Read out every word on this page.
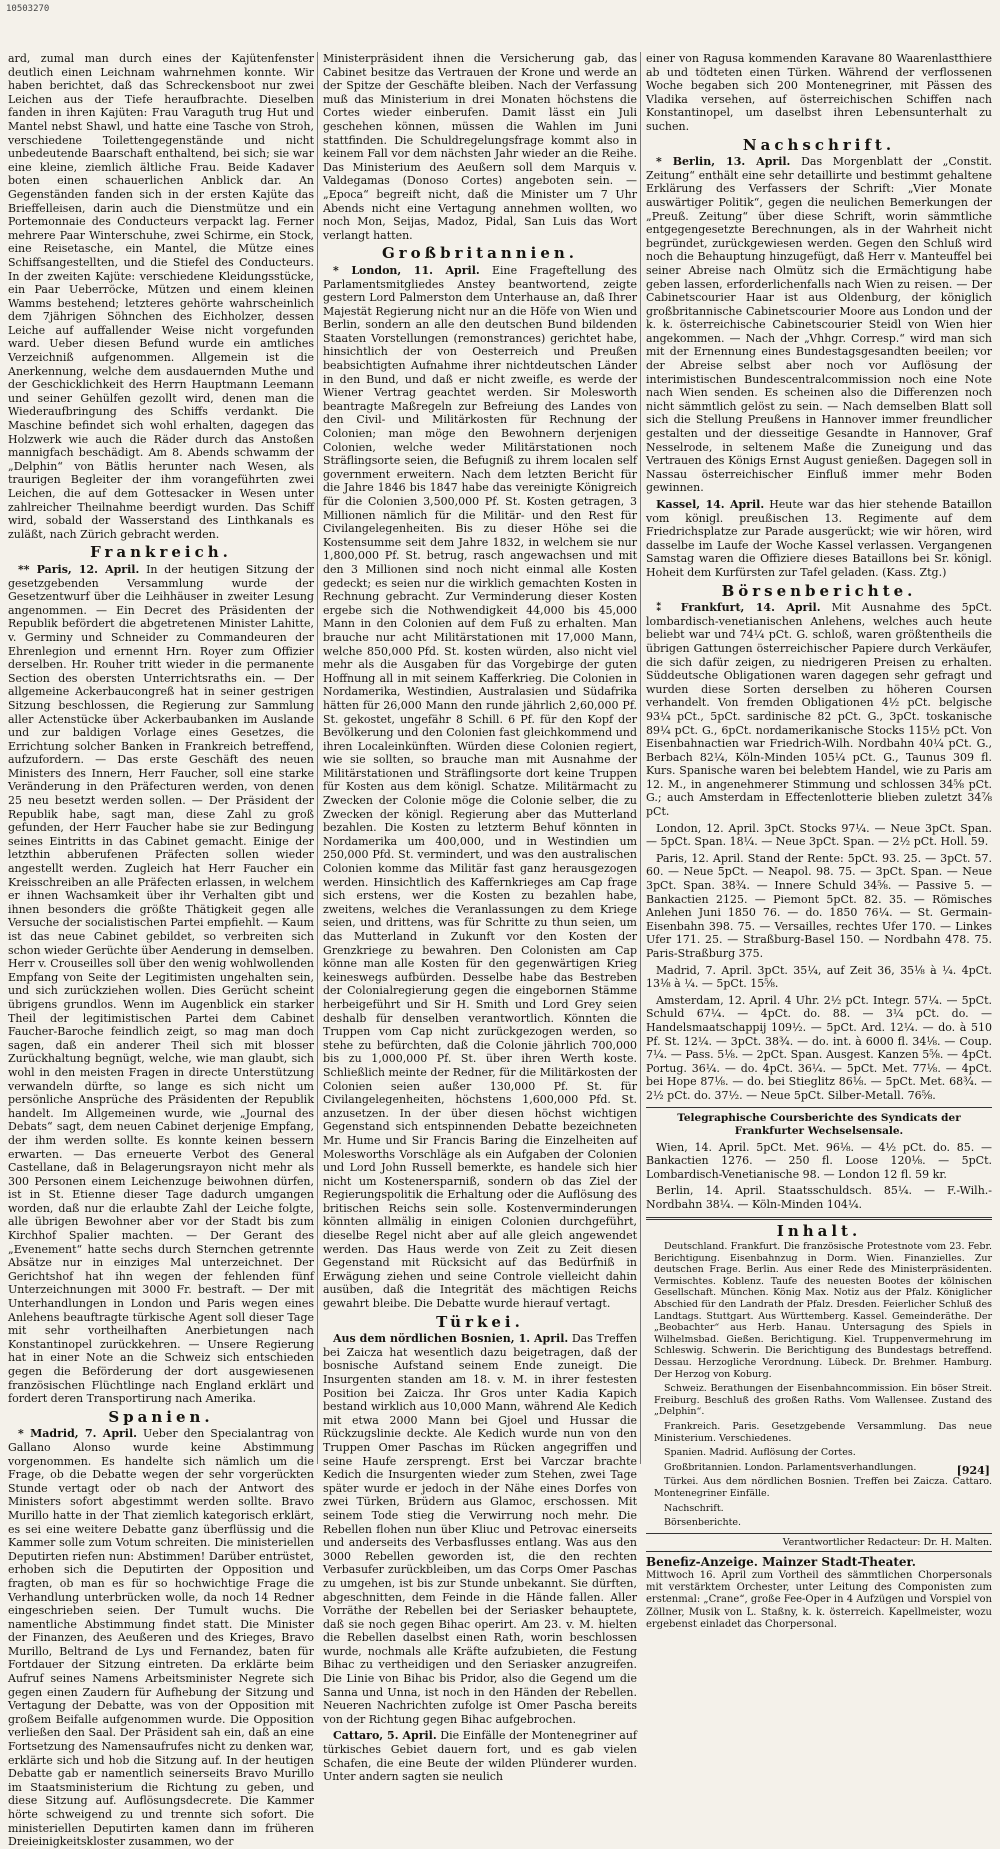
10503270

ard, zumal man durch eines der Kajütenfenster deutlich einen Leichnam wahrnehmen konnte. Wir haben berichtet, daß das Schreckensboot nur zwei Leichen aus der Tiefe heraufbrachte. Dieselben fanden in ihren Kajüten: Frau Varaguth trug Hut und Mantel nebst Shawl, und hatte eine Tasche von Stroh, verschiedene Toilettengegenstände und nicht unbedeutende Baarschaft enthaltend, bei sich; sie war eine kleine, ziemlich ältliche Frau. Beide Kadaver boten einen schauerlichen Anblick dar. An Gegenständen fanden sich in der ersten Kajüte das Brieffelleisen, darin auch die Dienstmütze und ein Portemonnaie des Conducteurs verpackt lag. Ferner mehrere Paar Winterschuhe, zwei Schirme, ein Stock, eine Reisetasche, ein Mantel, die Mütze eines Schiffsangestellten, und die Stiefel des Conducteurs. In der zweiten Kajüte: verschiedene Kleidungsstücke, ein Paar Ueberröcke, Mützen und einem kleinen Wamms bestehend; letzteres gehörte wahrscheinlich dem 7jährigen Söhnchen des Eichholzer, dessen Leiche auf auffallender Weise nicht vorgefunden ward. Ueber diesen Befund wurde ein amtliches Verzeichniß aufgenommen. Allgemein ist die Anerkennung, welche dem ausdauernden Muthe und der Geschicklichkeit des Herrn Hauptmann Leemann und seiner Gehülfen gezollt wird, denen man die Wiederaufbringung des Schiffs verdankt. Die Maschine befindet sich wohl erhalten, dagegen das Holzwerk wie auch die Räder durch das Anstoßen mannigfach beschädigt. Am 8. Abends schwamm der „Delphin“ von Bätlis herunter nach Wesen, als traurigen Begleiter der ihm vorangeführten zwei Leichen, die auf dem Gottesacker in Wesen unter zahlreicher Theilnahme beerdigt wurden. Das Schiff wird, sobald der Wasserstand des Linthkanals es zuläßt, nach Zürich gebracht werden.

Frankreich.

** Paris, 12. April. In der heutigen Sitzung der gesetzgebenden Versammlung wurde der Gesetzentwurf über die Leihhäuser in zweiter Lesung angenommen. — Ein Decret des Präsidenten der Republik befördert die abgetretenen Minister Lahitte, v. Germiny und Schneider zu Commandeuren der Ehrenlegion und ernennt Hrn. Royer zum Offizier derselben. Hr. Rouher tritt wieder in die permanente Section des obersten Unterrichtsraths ein. — Der allgemeine Ackerbaucongreß hat in seiner gestrigen Sitzung beschlossen, die Regierung zur Sammlung aller Actenstücke über Ackerbaubanken im Auslande und zur baldigen Vorlage eines Gesetzes, die Errichtung solcher Banken in Frankreich betreffend, aufzufordern. — Das erste Geschäft des neuen Ministers des Innern, Herr Faucher, soll eine starke Veränderung in den Präfecturen werden, von denen 25 neu besetzt werden sollen. — Der Präsident der Republik habe, sagt man, diese Zahl zu groß gefunden, der Herr Faucher habe sie zur Bedingung seines Eintritts in das Cabinet gemacht. Einige der letzthin abberufenen Präfecten sollen wieder angestellt werden. Zugleich hat Herr Faucher ein Kreisschreiben an alle Präfecten erlassen, in welchem er ihnen Wachsamkeit über ihr Verhalten gibt und ihnen besonders die größte Thätigkeit gegen alle Versuche der socialistischen Partei empfiehlt. — Kaum ist das neue Cabinet gebildet, so verbreiten sich schon wieder Gerüchte über Aenderung in demselben. Herr v. Crouseilles soll über den wenig wohlwollenden Empfang von Seite der Legitimisten ungehalten sein, und sich zurückziehen wollen. Dies Gerücht scheint übrigens grundlos. Wenn im Augenblick ein starker Theil der legitimistischen Partei dem Cabinet Faucher-Baroche feindlich zeigt, so mag man doch sagen, daß ein anderer Theil sich mit blosser Zurückhaltung begnügt, welche, wie man glaubt, sich wohl in den meisten Fragen in directe Unterstützung verwandeln dürfte, so lange es sich nicht um persönliche Ansprüche des Präsidenten der Republik handelt. Im Allgemeinen wurde, wie „Journal des Debats“ sagt, dem neuen Cabinet derjenige Empfang, der ihm werden sollte. Es konnte keinen bessern erwarten. — Das erneuerte Verbot des General Castellane, daß in Belagerungsrayon nicht mehr als 300 Personen einem Leichenzuge beiwohnen dürfen, ist in St. Etienne dieser Tage dadurch umgangen worden, daß nur die erlaubte Zahl der Leiche folgte, alle übrigen Bewohner aber vor der Stadt bis zum Kirchhof Spalier machten. — Der Gerant des „Evenement“ hatte sechs durch Sternchen getrennte Absätze nur in einziges Mal unterzeichnet. Der Gerichtshof hat ihn wegen der fehlenden fünf Unterzeichnungen mit 3000 Fr. bestraft. — Der mit Unterhandlungen in London und Paris wegen eines Anlehens beauftragte türkische Agent soll dieser Tage mit sehr vortheilhaften Anerbietungen nach Konstantinopel zurückkehren. — Unsere Regierung hat in einer Note an die Schweiz sich entschieden gegen die Beförderung der dort ausgewiesenen französischen Flüchtlinge nach England erklärt und fordert deren Transportirung nach Amerika.

Spanien.

* Madrid, 7. April. Ueber den Specialantrag von Gallano Alonso wurde keine Abstimmung vorgenommen. Es handelte sich nämlich um die Frage, ob die Debatte wegen der sehr vorgerückten Stunde vertagt oder ob nach der Antwort des Ministers sofort abgestimmt werden sollte. Bravo Murillo hatte in der That ziemlich kategorisch erklärt, es sei eine weitere Debatte ganz überflüssig und die Kammer solle zum Votum schreiten. Die ministeriellen Deputirten riefen nun: Abstimmen! Darüber entrüstet, erhoben sich die Deputirten der Opposition und fragten, ob man es für so hochwichtige Frage die Verhandlung unterbrücken wolle, da noch 14 Redner eingeschrieben seien. Der Tumult wuchs. Die namentliche Abstimmung findet statt. Die Minister der Finanzen, des Aeußeren und des Krieges, Bravo Murillo, Beltrand de Lys und Fernandez, baten für Fortdauer der Sitzung eintreten. Da erklärte beim Aufruf seines Namens Arbeitsminister Negrete sich gegen einen Zaudern für Aufhebung der Sitzung und Vertagung der Debatte, was von der Opposition mit großem Beifalle aufgenommen wurde. Die Opposition verließen den Saal. Der Präsident sah ein, daß an eine Fortsetzung des Namensaufrufes nicht zu denken war, erklärte sich und hob die Sitzung auf. In der heutigen Debatte gab er namentlich seinerseits Bravo Murillo im Staatsministerium die Richtung zu geben, und diese Sitzung auf. Auflösungsdecrete. Die Kammer hörte schweigend zu und trennte sich sofort. Die ministeriellen Deputirten kamen dann im früheren Dreieinigkeitskloster zusammen, wo der

Ministerpräsident ihnen die Versicherung gab, das Cabinet besitze das Vertrauen der Krone und werde an der Spitze der Geschäfte bleiben. Nach der Verfassung muß das Ministerium in drei Monaten höchstens die Cortes wieder einberufen. Damit lässt ein Juli geschehen können, müssen die Wahlen im Juni stattfinden. Die Schuldregelungsfrage kommt also in keinem Fall vor dem nächsten Jahr wieder an die Reihe. Das Ministerium des Aeußern soll dem Marquis v. Valdegamas (Donoso Cortes) angeboten sein. — „Epoca“ begreift nicht, daß die Minister um 7 Uhr Abends nicht eine Vertagung annehmen wollten, wo noch Mon, Seijas, Madoz, Pidal, San Luis das Wort verlangt hatten.

Großbritannien.

* London, 11. April. Eine Frageftellung des Parlamentsmitgliedes Anstey beantwortend, zeigte gestern Lord Palmerston dem Unterhause an, daß Ihrer Majestät Regierung nicht nur an die Höfe von Wien und Berlin, sondern an alle den deutschen Bund bildenden Staaten Vorstellungen (remonstrances) gerichtet habe, hinsichtlich der von Oesterreich und Preußen beabsichtigten Aufnahme ihrer nichtdeutschen Länder in den Bund, und daß er nicht zweifle, es werde der Wiener Vertrag geachtet werden. Sir Molesworth beantragte Maßregeln zur Befreiung des Landes von den Civil- und Militärkosten für Rechnung der Colonien; man möge den Bewohnern derjenigen Colonien, welche weder Militärstationen noch Sträflingsorte seien, die Befugniß zu ihrem localen self government erweitern. Nach dem letzten Bericht für die Jahre 1846 bis 1847 habe das vereinigte Königreich für die Colonien 3,500,000 Pf. St. Kosten getragen, 3 Millionen nämlich für die Militär- und den Rest für Civilangelegenheiten. Bis zu dieser Höhe sei die Kostensumme seit dem Jahre 1832, in welchem sie nur 1,800,000 Pf. St. betrug, rasch angewachsen und mit den 3 Millionen sind noch nicht einmal alle Kosten gedeckt; es seien nur die wirklich gemachten Kosten in Rechnung gebracht. Zur Verminderung dieser Kosten ergebe sich die Nothwendigkeit 44,000 bis 45,000 Mann in den Colonien auf dem Fuß zu erhalten. Man brauche nur acht Militärstationen mit 17,000 Mann, welche 850,000 Pfd. St. kosten würden, also nicht viel mehr als die Ausgaben für das Vorgebirge der guten Hoffnung all in mit seinem Kafferkrieg. Die Colonien in Nordamerika, Westindien, Australasien und Südafrika hätten für 26,000 Mann den runde jährlich 2,60,000 Pf. St. gekostet, ungefähr 8 Schill. 6 Pf. für den Kopf der Bevölkerung und den Colonien fast gleichkommend und ihren Localeinkünften. Würden diese Colonien regiert, wie sie sollten, so brauche man mit Ausnahme der Militärstationen und Sträflingsorte dort keine Truppen für Kosten aus dem königl. Schatze. Militärmacht zu Zwecken der Colonie möge die Colonie selber, die zu Zwecken der königl. Regierung aber das Mutterland bezahlen. Die Kosten zu letzterm Behuf könnten in Nordamerika um 400,000, und in Westindien um 250,000 Pfd. St. vermindert, und was den australischen Colonien komme das Militär fast ganz herausgezogen werden. Hinsichtlich des Kaffernkrieges am Cap frage sich erstens, wer die Kosten zu bezahlen habe, zweitens, welches die Veranlassungen zu dem Kriege seien, und drittens, was für Schritte zu thun seien, um das Mutterland in Zukunft vor den Kosten der Grenzkriege zu bewahren. Den Colonisten am Cap könne man alle Kosten für den gegenwärtigen Krieg keineswegs aufbürden. Desselbe habe das Bestreben der Colonialregierung gegen die eingebornen Stämme herbeigeführt und Sir H. Smith und Lord Grey seien deshalb für denselben verantwortlich. Könnten die Truppen vom Cap nicht zurückgezogen werden, so stehe zu befürchten, daß die Colonie jährlich 700,000 bis zu 1,000,000 Pf. St. über ihren Werth koste. Schließlich meinte der Redner, für die Militärkosten der Colonien seien außer 130,000 Pf. St. für Civilangelegenheiten, höchstens 1,600,000 Pfd. St. anzusetzen. In der über diesen höchst wichtigen Gegenstand sich entspinnenden Debatte bezeichneten Mr. Hume und Sir Francis Baring die Einzelheiten auf Molesworths Vorschläge als ein Aufgaben der Colonien und Lord John Russell bemerkte, es handele sich hier nicht um Kostenersparniß, sondern ob das Ziel der Regierungspolitik die Erhaltung oder die Auflösung des britischen Reichs sein solle. Kostenverminderungen könnten allmälig in einigen Colonien durchgeführt, dieselbe Regel nicht aber auf alle gleich angewendet werden. Das Haus werde von Zeit zu Zeit diesen Gegenstand mit Rücksicht auf das Bedürfniß in Erwägung ziehen und seine Controle vielleicht dahin ausüben, daß die Integrität des mächtigen Reichs gewahrt bleibe. Die Debatte wurde hierauf vertagt.

Türkei.

Aus dem nördlichen Bosnien, 1. April. Das Treffen bei Zaicza hat wesentlich dazu beigetragen, daß der bosnische Aufstand seinem Ende zuneigt. Die Insurgenten standen am 18. v. M. in ihrer festesten Position bei Zaicza. Ihr Gros unter Kadia Kapich bestand wirklich aus 10,000 Mann, während Ale Kedich mit etwa 2000 Mann bei Gjoel und Hussar die Rückzugslinie deckte. Ale Kedich wurde nun von den Truppen Omer Paschas im Rücken angegriffen und seine Haufe zersprengt. Erst bei Varczar brachte Kedich die Insurgenten wieder zum Stehen, zwei Tage später wurde er jedoch in der Nähe eines Dorfes von zwei Türken, Brüdern aus Glamoc, erschossen. Mit seinem Tode stieg die Verwirrung noch mehr. Die Rebellen flohen nun über Kliuc und Petrovac einerseits und anderseits des Verbasflusses entlang. Was aus den 3000 Rebellen geworden ist, die den rechten Verbasufer zurückbleiben, um das Corps Omer Paschas zu umgehen, ist bis zur Stunde unbekannt. Sie dürften, abgeschnitten, dem Feinde in die Hände fallen. Aller Vorräthe der Rebellen bei der Seriasker behauptete, daß sie noch gegen Bihac operirt. Am 23. v. M. hielten die Rebellen daselbst einen Rath, worin beschlossen wurde, nochmals alle Kräfte aufzubieten, die Festung Bihac zu vertheidigen und den Seriasker anzugreifen. Die Linie von Bihac bis Pridor, also die Gegend um die Sanna und Unna, ist noch in den Händen der Rebellen. Neueren Nachrichten zufolge ist Omer Pascha bereits von der Richtung gegen Bihac aufgebrochen.

Cattaro, 5. April. Die Einfälle der Montenegriner auf türkisches Gebiet dauern fort, und es gab vielen Schafen, die eine Beute der wilden Plünderer wurden. Unter andern sagten sie neulich

einer von Ragusa kommenden Karavane 80 Waarenlastthiere ab und tödteten einen Türken. Während der verflossenen Woche begaben sich 200 Montenegriner, mit Pässen des Vladika versehen, auf österreichischen Schiffen nach Konstantinopel, um daselbst ihren Lebensunterhalt zu suchen.

Nachschrift.

* Berlin, 13. April. Das Morgenblatt der „Constit. Zeitung“ enthält eine sehr detaillirte und bestimmt gehaltene Erklärung des Verfassers der Schrift: „Vier Monate auswärtiger Politik“, gegen die neulichen Bemerkungen der „Preuß. Zeitung“ über diese Schrift, worin sämmtliche entgegengesetzte Berechnungen, als in der Wahrheit nicht begründet, zurückgewiesen werden. Gegen den Schluß wird noch die Behauptung hinzugefügt, daß Herr v. Manteuffel bei seiner Abreise nach Olmütz sich die Ermächtigung habe geben lassen, erforderlichenfalls nach Wien zu reisen. — Der Cabinetscourier Haar ist aus Oldenburg, der königlich großbritannische Cabinetscourier Moore aus London und der k. k. österreichische Cabinetscourier Steidl von Wien hier angekommen. — Nach der „Vhhgr. Corresp.“ wird man sich mit der Ernennung eines Bundestagsgesandten beeilen; vor der Abreise selbst aber noch vor Auflösung der interimistischen Bundescentralcommission noch eine Note nach Wien senden. Es scheinen also die Differenzen noch nicht sämmtlich gelöst zu sein. — Nach demselben Blatt soll sich die Stellung Preußens in Hannover immer freundlicher gestalten und der diesseitige Gesandte in Hannover, Graf Nesselrode, in seltenem Maße die Zuneigung und das Vertrauen des Königs Ernst August genießen. Dagegen soll in Nassau österreichischer Einfluß immer mehr Boden gewinnen.

Kassel, 14. April. Heute war das hier stehende Bataillon vom königl. preußischen 13. Regimente auf dem Friedrichsplatze zur Parade ausgerückt; wie wir hören, wird dasselbe im Laufe der Woche Kassel verlassen. Vergangenen Samstag waren die Offiziere dieses Bataillons bei Sr. königl. Hoheit dem Kurfürsten zur Tafel geladen. (Kass. Ztg.)

Börsenberichte.

⁑ Frankfurt, 14. April. Mit Ausnahme des 5pCt. lombardisch-venetianischen Anlehens, welches auch heute beliebt war und 74¼ pCt. G. schloß, waren größtentheils die übrigen Gattungen österreichischer Papiere durch Verkäufer, die sich dafür zeigen, zu niedrigeren Preisen zu erhalten. Süddeutsche Obligationen waren dagegen sehr gefragt und wurden diese Sorten derselben zu höheren Coursen verhandelt. Von fremden Obligationen 4½ pCt. belgische 93¼ pCt., 5pCt. sardinische 82 pCt. G., 3pCt. toskanische 89¼ pCt. G., 6pCt. nordamerikanische Stocks 115½ pCt. Von Eisenbahnactien war Friedrich-Wilh. Nordbahn 40¼ pCt. G., Berbach 82¼, Köln-Minden 105¼ pCt. G., Taunus 309 fl. Kurs. Spanische waren bei belebtem Handel, wie zu Paris am 12. M., in angenehmerer Stimmung und schlossen 34⅝ pCt. G.; auch Amsterdam in Effectenlotterie blieben zuletzt 34⅞ pCt.

London, 12. April. 3pCt. Stocks 97¼. — Neue 3pCt. Span. — 5pCt. Span. 18¼. — Neue 3pCt. Span. — 2½ pCt. Holl. 59.

Paris, 12. April. Stand der Rente: 5pCt. 93. 25. — 3pCt. 57. 60. — Neue 5pCt. — Neapol. 98. 75. — 3pCt. Span. — Neue 3pCt. Span. 38¾. — Innere Schuld 34⅝. — Passive 5. — Bankactien 2125. — Piemont 5pCt. 82. 35. — Römisches Anlehen Juni 1850 76. — do. 1850 76¼. — St. Germain-Eisenbahn 398. 75. — Versailles, rechtes Ufer 170. — Linkes Ufer 171. 25. — Straßburg-Basel 150. — Nordbahn 478. 75. Paris-Straßburg 375.

Madrid, 7. April. 3pCt. 35¼, auf Zeit 36, 35⅛ à ¼. 4pCt. 13⅛ à ¼. — 5pCt. 15⅝.

Amsterdam, 12. April. 4 Uhr. 2½ pCt. Integr. 57¼. — 5pCt. Schuld 67¼. — 4pCt. do. 88. — 3¼ pCt. do. — Handelsmaatschappij 109½. — 5pCt. Ard. 12¼. — do. à 510 Pf. St. 12¼. — 3pCt. 38¾. — do. int. à 6000 fl. 34⅛. — Coup. 7¼. — Pass. 5⅛. — 2pCt. Span. Ausgest. Kanzen 5⅝. — 4pCt. Portug. 36¼. — do. 4pCt. 36¼. — 5pCt. Met. 77⅛. — 4pCt. bei Hope 87⅛. — do. bei Stieglitz 86⅛. — 5pCt. Met. 68¾. — 2½ pCt. do. 37½. — Neue 5pCt. Silber-Metall. 76⅝.

Telegraphische Coursberichte des Syndicats der Frankfurter Wechselsensale.

Wien, 14. April. 5pCt. Met. 96⅛. — 4½ pCt. do. 85. — Bankactien 1276. — 250 fl. Loose 120⅛. — 5pCt. Lombardisch-Venetianische 98. — London 12 fl. 59 kr.

Berlin, 14. April. Staatsschuldsch. 85¼. — F.-Wilh.-Nordbahn 38¼. — Köln-Minden 104¼.

Inhalt.

Deutschland. Frankfurt. Die französische Protestnote vom 23. Febr. Berichtigung. Eisenbahnzug in Dorm. Wien. Finanzielles. Zur deutschen Frage. Berlin. Aus einer Rede des Ministerpräsidenten. Vermischtes. Koblenz. Taufe des neuesten Bootes der kölnischen Gesellschaft. München. König Max. Notiz aus der Pfalz. Königlicher Abschied für den Landrath der Pfalz. Dresden. Feierlicher Schluß des Landtags. Stuttgart. Aus Württemberg. Kassel. Gemeinderäthe. Der „Beobachter“ aus Herb. Hanau. Untersagung des Spiels in Wilhelmsbad. Gießen. Berichtigung. Kiel. Truppenvermehrung im Schleswig. Schwerin. Die Berichtigung des Bundestags betreffend. Dessau. Herzogliche Verordnung. Lübeck. Dr. Brehmer. Hamburg. Der Herzog von Koburg.

Schweiz. Berathungen der Eisenbahncommission. Ein böser Streit. Freiburg. Beschluß des großen Raths. Vom Wallensee. Zustand des „Delphin“.

Frankreich. Paris. Gesetzgebende Versammlung. Das neue Ministerium. Verschiedenes.

Spanien. Madrid. Auflösung der Cortes.

Großbritannien. London. Parlamentsverhandlungen.

Türkei. Aus dem nördlichen Bosnien. Treffen bei Zaicza. Cattaro. Montenegriner Einfälle.

Nachschrift.

Börsenberichte.

Verantwortlicher Redacteur: Dr. H. Malten.
Benefiz-Anzeige. Mainzer Stadt-Theater.
Mittwoch 16. April zum Vortheil des sämmtlichen Chorpersonals mit verstärktem Orchester, unter Leitung des Componisten zum erstenmal: „Crane“, große Fee-Oper in 4 Aufzügen und Vorspiel von Zöllner, Musik von L. Staßny, k. k. österreich. Kapellmeister, wozu ergebenst einladet das Chorpersonal.
[924]
